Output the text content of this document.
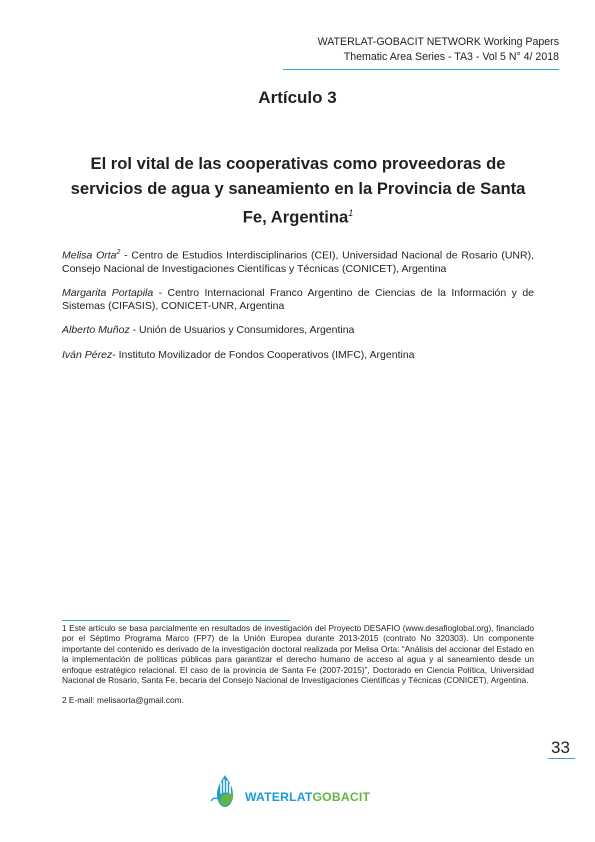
WATERLAT-GOBACIT NETWORK Working Papers
Thematic Area Series - TA3 - Vol 5 N° 4/ 2018
Artículo 3
El rol vital de las cooperativas como proveedoras de servicios de agua y saneamiento en la Provincia de Santa Fe, Argentina$^1$

Melisa Orta$^2$ - Centro de Estudios Interdisciplinarios (CEI), Universidad Nacional de Rosario (UNR), Consejo Nacional de Investigaciones Científicas y Técnicas (CONICET), Argentina

Margarita Portapila - Centro Internacional Franco Argentino de Ciencias de la Información y de Sistemas (CIFASIS), CONICET-UNR, Argentina

Alberto Muñoz - Unión de Usuarios y Consumidores, Argentina

Iván Pérez- Instituto Movilizador de Fondos Cooperativos (IMFC), Argentina

1 Este artículo se basa parcialmente en resultados de investigación del Proyecto DESAFIO (www.desafioglobal.org), financiado por el Séptimo Programa Marco (FP7) de la Unión Europea durante 2013-2015 (contrato No 320303). Un componente importante del contenido es derivado de la investigación doctoral realizada por Melisa Orta: “Análisis del accionar del Estado en la implementación de políticas públicas para garantizar el derecho humano de acceso al agua y al saneamiento desde un enfoque estratégico relacional. El caso de la provincia de Santa Fe (2007-2015)”, Doctorado en Ciencia Política, Universidad Nacional de Rosario, Santa Fe, becaria del Consejo Nacional de Investigaciones Científicas y Técnicas (CONICET), Argentina.

2 E-mail: melisaorta@gmail.com.

33
WATERLATGOBACIT
